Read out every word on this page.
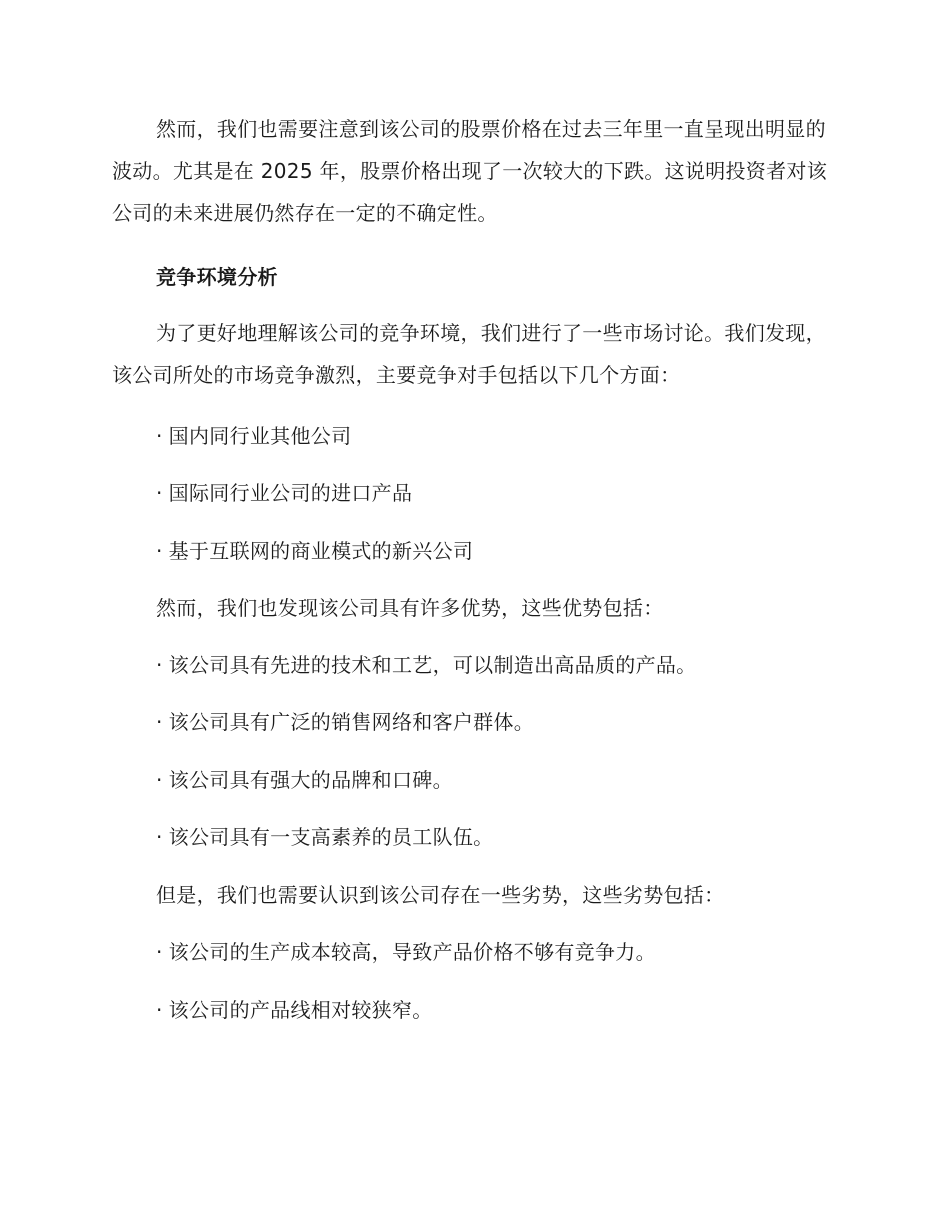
然而，我们也需要注意到该公司的股票价格在过去三年里一直呈现出明显的波动。尤其是在 2025 年，股票价格出现了一次较大的下跌。这说明投资者对该公司的未来进展仍然存在一定的不确定性。

竞争环境分析

为了更好地理解该公司的竞争环境，我们进行了一些市场讨论。我们发现，该公司所处的市场竞争激烈，主要竞争对手包括以下几个方面：

· 国内同行业其他公司
· 国际同行业公司的进口产品
· 基于互联网的商业模式的新兴公司

然而，我们也发现该公司具有许多优势，这些优势包括：

· 该公司具有先进的技术和工艺，可以制造出高品质的产品。
· 该公司具有广泛的销售网络和客户群体。
· 该公司具有强大的品牌和口碑。
· 该公司具有一支高素养的员工队伍。

但是，我们也需要认识到该公司存在一些劣势，这些劣势包括：

· 该公司的生产成本较高，导致产品价格不够有竞争力。
· 该公司的产品线相对较狭窄。
